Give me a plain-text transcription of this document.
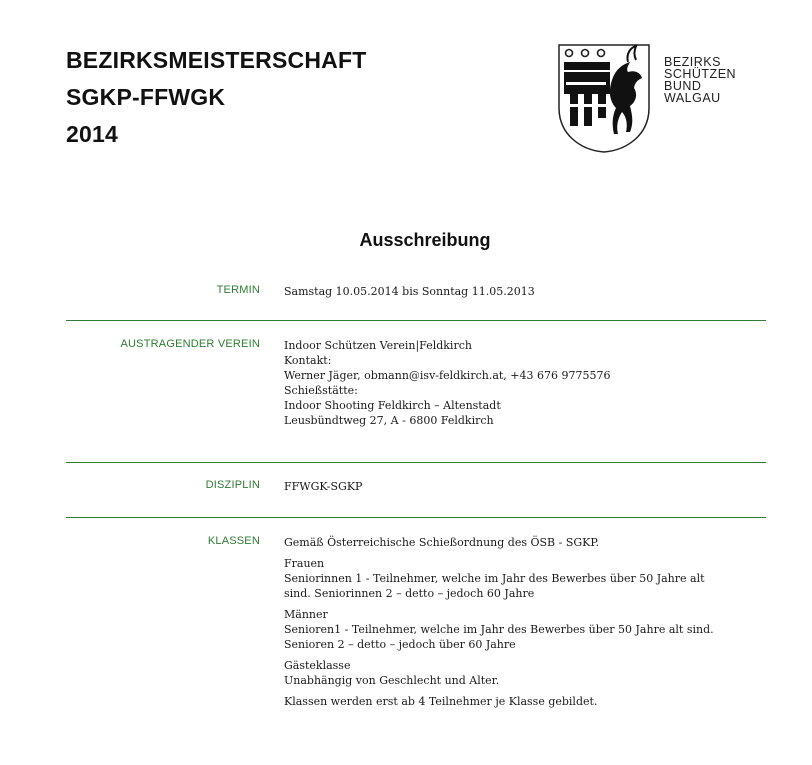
BEZIRKSMEISTERSCHAFT
SGKP-FFWGK
2014
BEZIRKS
SCHÜTZEN
BUND
WALGAU
Ausschreibung
TERMIN Samstag 10.05.2014 bis Sonntag 11.05.2013
AUSTRAGENDER VEREIN Indoor Schützen Verein|Feldkirch
Kontakt:
Werner Jäger, obmann@isv-feldkirch.at, +43 676 9775576
Schießstätte:
Indoor Shooting Feldkirch – Altenstadt
Leusbündtweg 27, A - 6800 Feldkirch
DISZIPLIN FFWGK-SGKP
KLASSEN Gemäß Österreichische Schießordnung des ÖSB - SGKP.

Frauen
Seniorinnen 1 - Teilnehmer, welche im Jahr des Bewerbes über 50 Jahre alt
sind. Seniorinnen 2 – detto – jedoch 60 Jahre

Männer
Senioren1 - Teilnehmer, welche im Jahr des Bewerbes über 50 Jahre alt sind.
Senioren 2 – detto – jedoch über 60 Jahre

Gästeklasse
Unabhängig von Geschlecht und Alter.

Klassen werden erst ab 4 Teilnehmer je Klasse gebildet.
